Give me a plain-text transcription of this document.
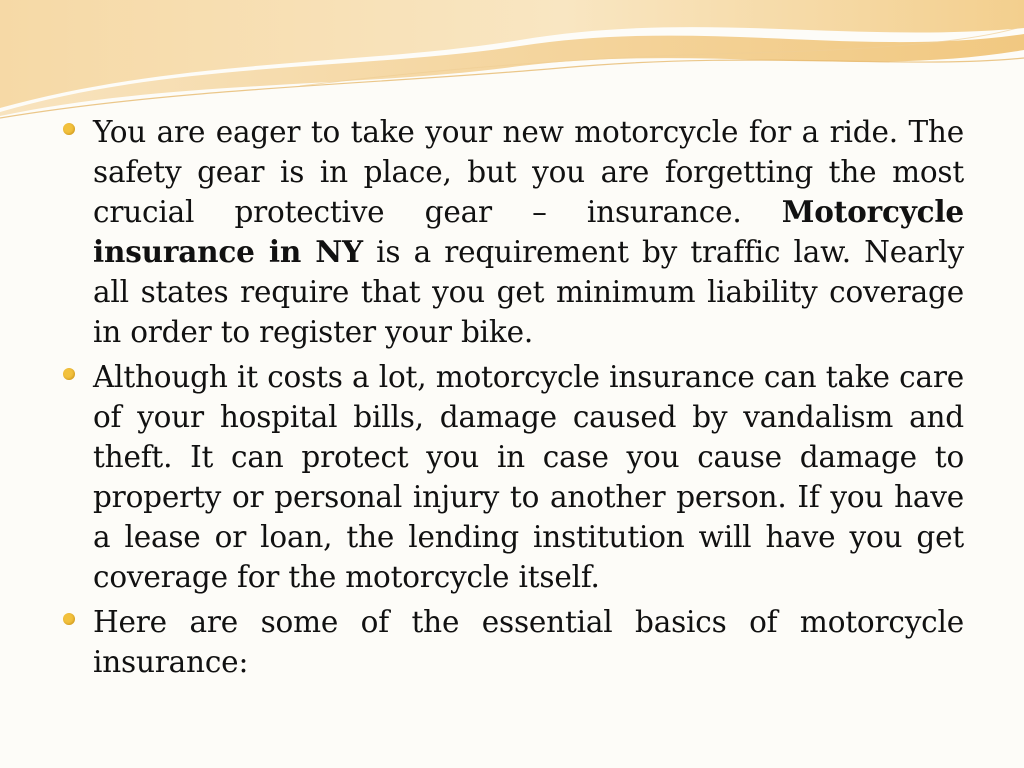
You are eager to take your new motorcycle for a ride. The safety gear is in place, but you are forgetting the most crucial protective gear – insurance. Motorcycle insurance in NY is a requirement by traffic law. Nearly all states require that you get minimum liability coverage in order to register your bike.
Although it costs a lot, motorcycle insurance can take care of your hospital bills, damage caused by vandalism and theft. It can protect you in case you cause damage to property or personal injury to another person. If you have a lease or loan, the lending institution will have you get coverage for the motorcycle itself.
Here are some of the essential basics of motorcycle insurance:
